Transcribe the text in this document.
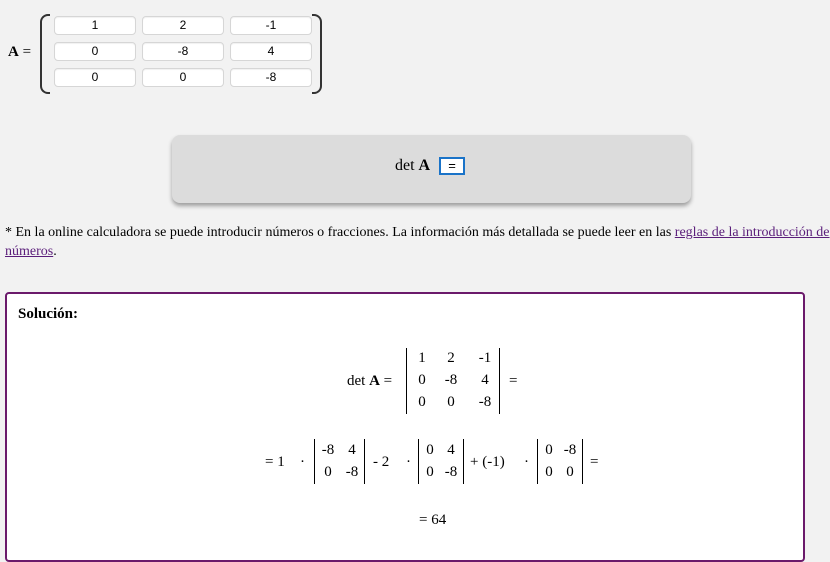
A =
1	2	-1
0	-8	4
0	0	-8
det A	=
* En la online calculadora se puede introducir números o fracciones. La información más detallada se puede leer en las reglas de la introducción de
números.
Solución:
det A =
1	2	-1
0	-8	4
0	0	-8
=
= 1 ·
-8 4
0 -8
- 2 ·
0 4
0 -8
+ (-1) ·
0 -8
0 0
=
= 64
